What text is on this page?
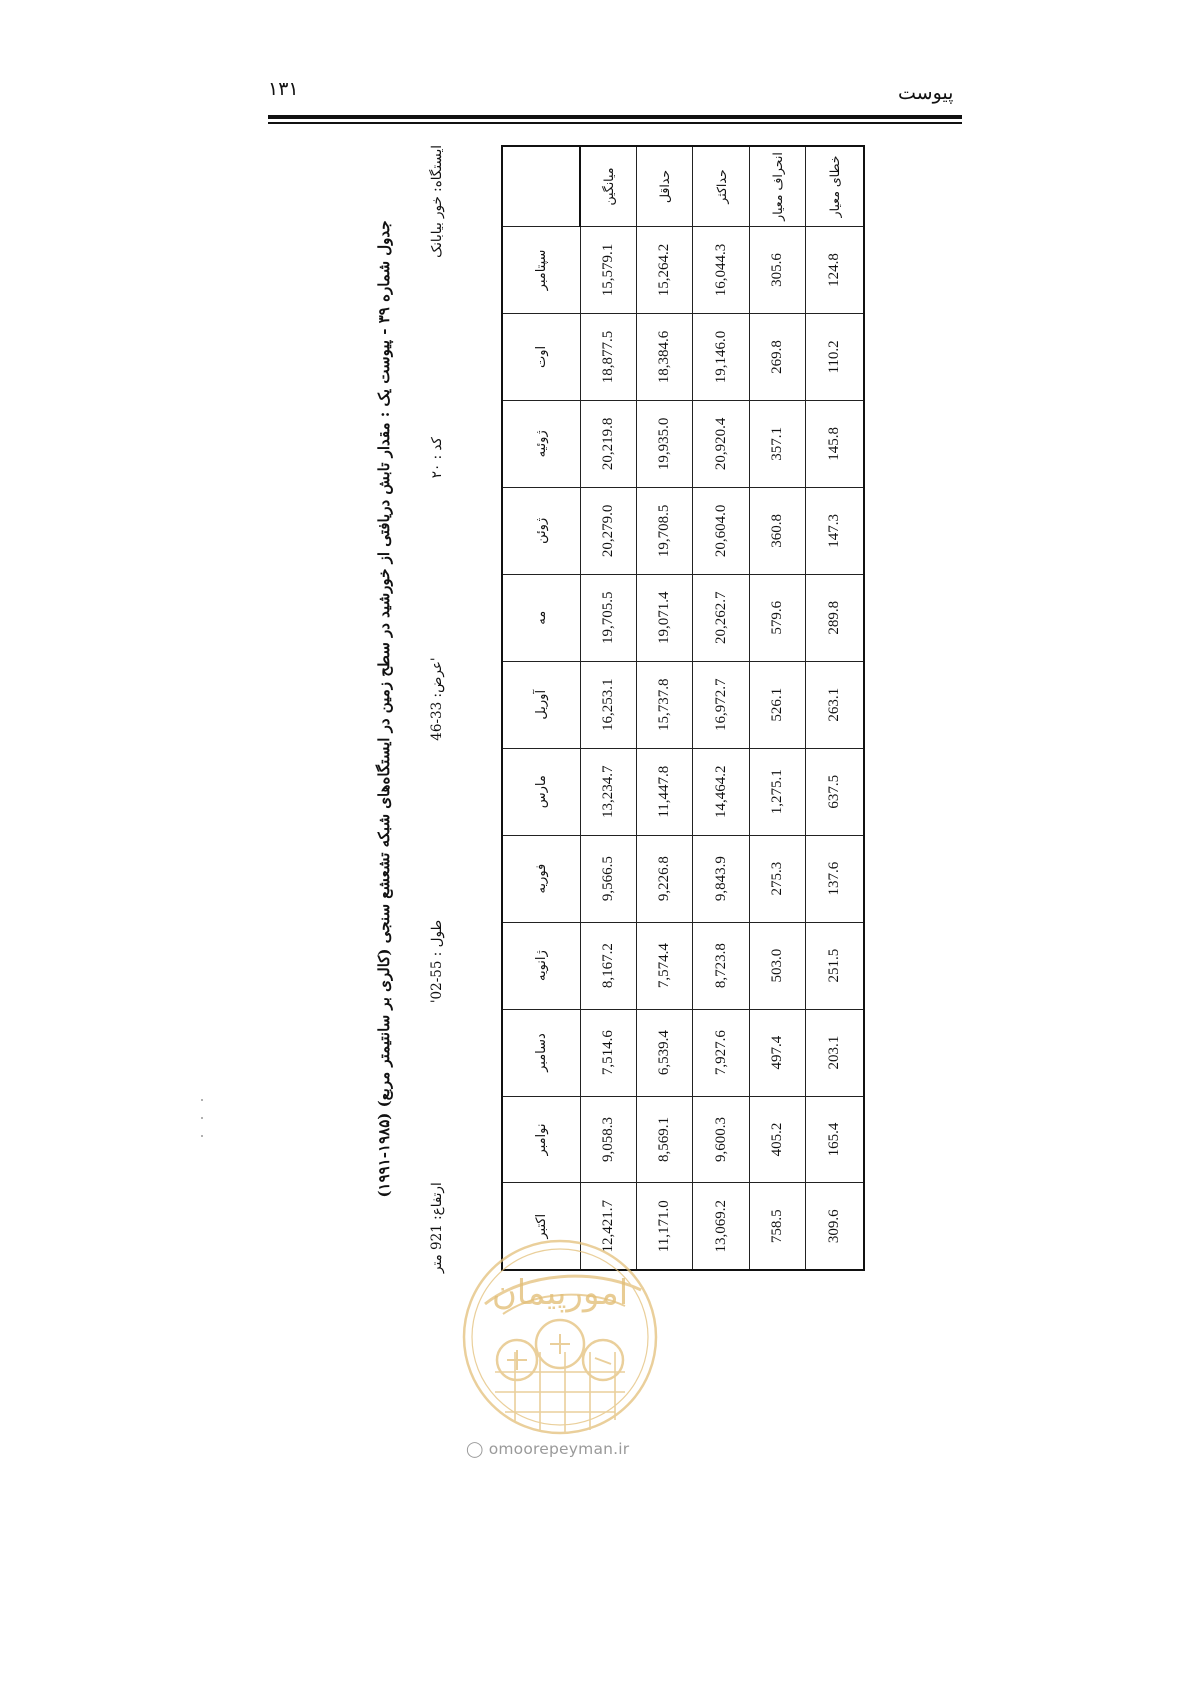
۱۳۱	پیوست
جدول شماره ۳۹ - پیوست یک : مقدار تابش دریافتی از خورشید در سطح زمین در ایستگاه‌های شبکه تشعشع سنجی (کالری بر سانتیمتر مربع) (۱۹۸۵-۱۹۹۱)
ایستگاه: خور بیابانک
کد : ۲۰
عرض: 33-46'
طول : 55-02'
ارتفاع: 921 متر
	سپتامبر	اوت	ژوئیه	ژوئن	مه	آوریل	مارس	فوریه	ژانویه	دسامبر	نوامبر	اکتبر
میانگین	15,579.1	18,877.5	20,219.8	20,279.0	19,705.5	16,253.1	13,234.7	9,566.5	8,167.2	7,514.6	9,058.3	12,421.7
حداقل	15,264.2	18,384.6	19,935.0	19,708.5	19,071.4	15,737.8	11,447.8	9,226.8	7,574.4	6,539.4	8,569.1	11,171.0
حداکثر	16,044.3	19,146.0	20,920.4	20,604.0	20,262.7	16,972.7	14,464.2	9,843.9	8,723.8	7,927.6	9,600.3	13,069.2
انحراف معیار	305.6	269.8	357.1	360.8	579.6	526.1	1,275.1	275.3	503.0	497.4	405.2	758.5
خطای معیار	124.8	110.2	145.8	147.3	289.8	263.1	637.5	137.6	251.5	203.1	165.4	309.6
امورپیمان
◯ omoorepeyman.ir
